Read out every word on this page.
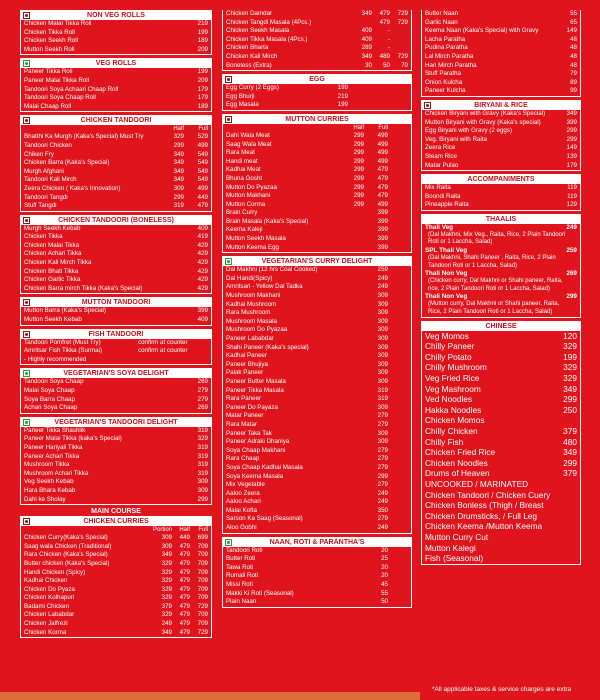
NON VEG ROLLS
Chicken Malai Tikka Roll	219
Chicken Tikka Roll	199
Chicken Seekh Roll	189
Mutton Seekh Roll	209
VEG ROLLS
Paneer Tikka Roll	199
Paneer Malai Tikka Roll	209
Tandoori Soya Achaari Chaap Roll	179
Tandoori Soya Chaap Roll	179
Malai Chaap Roll	189
CHICKEN TANDOORI
Half	Full
Bhatthi Ka Murgh (Kaka's Special) Must Try	329	529
Tandoori Chicken	299	499
Chiken Fry	349	549
Chicken Barra (Kaka's Special)	349	549
Murgh Afghani	349	549
Tandoori Kali Mirch	349	549
Zeera Chicken ( Kaka's Innovation)	309	499
Tandoori Tangdi	299	449
Stuff Tangdi	319	479
CHICKEN TANDOORI (BONELESS)
Murgh Seekh Kebab	409
Chicken Tikka	419
Chicken Malai Tikka	429
Chicken Achari Tikka	429
Chicken Kali Mirch Tikka	429
Chicken Bhati Tikka	429
Chicken Garlic Tikka	429
Chicken Barra mirch Tikka (Kaka's Special)	429
MUTTON TANDOORI
Mutton Barra (Kaka's Special)	399
Mutton Seekh Kebab	409
FISH TANDOORI
Tandoori Pomfret (Must Try)	confirm at counter
Amritsar Fish Tikka (Surmai)	confirm at counter
- Highly recommended
VEGETARIAN'S SOYA DELIGHT
Tandoori Soya Chaap	269
Malai Soya Chaap	279
Soya Barra Chaap	279
Achari Soya Chaap	269
VEGETARIAN'S TANDOORI DELIGHT
Paneer Tikka Shashlik	319
Paneer Malai Tikka (kaka's Special)	329
Paneer Hariyali Tikka	319
Paneer Achari Tikka	319
Mushroom Tikka	319
Mushroom Achari Tikka	319
Veg Seekh Kebab	309
Hara Bhara Kebab	309
Dahi ke Sholay	299
MAIN COURSE
CHICKEN CURRIES
Portion	Half	Full
Chicken Curry(Kaka's Special)	309	449	699
Saag wala Chicken (Traditional)	309	479	709
Rara Chicken (Kaka's Special)	349	479	709
Butter chicken (Kaka's Special)	329	479	709
Handi Chicken (Spicy)	329	479	709
Kadhai Chicken	329	479	709
Chicken Do Pyaza	329	479	709
Chicken Kolhapuri	329	479	709
Badami Chicken	379	479	729
Chicken Lababdar	329	479	709
Chicken Jalfrezi	249	479	709
Chicken Korma	349	479	729
Chicken Damdar	349	479	729
Chicken Tangdi Masala (4Pcs.)	479	729
Chicken Seekh Masala	409	-
Chicken Tikka Masala (4Pcs.)	409	-
Chicken Bharta	289	-
Chicken Kali Mirch	349	489	729
Boneless (Extra)	30	50	70
EGG
Egg Curry (2 Eggs)	199
Egg Bhurji	219
Egg Masala	199
MUTTON CURRIES
Half	Full
Dahi Wala Meat	299	499
Saag Wala Meat	299	499
Rara Meat	299	499
Handi meat	299	499
Kadhai Meat	299	479
Bhuna Gosht	299	479
Mutton Do Pyazaa	299	479
Mutton Makhani	299	479
Mutton Corma	299	499
Brain Curry	399
Brain Masala (Kaka's Special)	399
Keema Kaleji	399
Mutton Seekh Masala	399
Mutton Keema Egg	399
VEGETARIAN'S CURRY DELIGHT
Dal Makhni (12 hrs Coal Cooked)	259
Dal Handi(Spicy)	249
Amritsari - Yellow Dal Tadka	249
Mushroom Makhani	309
Kadhai Mushroom	309
Rara Mushroom	309
Mushroom Masala	309
Mushroom Do Pyazaa	309
Paneer Lababdar	309
Shahi Paneer (Kaka's special)	309
Kadhai Paneer	309
Paneer Bhujiya	309
Palak Paneer	309
Paneer Butter Masala	309
Paneer Tikka Masala	319
Rara Paneer	319
Paneer Do Payaza	309
Matar Paneer	279
Rara Matar	279
Paneer Taka Tak	309
Paneer Adraki Dhaniya	309
Soya Chaap Makhani	279
Rara Chaap	279
Soya Chaap Kadhai Masala	279
Soya Keema Masala	299
Mix Vegetable	279
Aaloo Zeera	249
Aaloo Achari	249
Malai Kofta	350
Sarson Ka Saag (Seasonal)	279
Aloo Gobhi	249
NAAN, ROTI & PARANTHA'S
Tandoori Roti	20
Butter Roti	25
Tawa Roti	20
Rumali Roti	20
Missi Roti	45
Makki Ki Roti (Seasonal)	55
Plain Naan	50
Butter Naan	55
Garlic Naan	65
Keema Naan (Kaka's Special) with Gravy	149
Lacha Paratha	48
Pudina Paratha	48
Lal Mirch Paratha	48
Hari Mirch Paratha	48
Stuff Paratha	79
Onion Kulcha	89
Paneer Kulcha	99
BIRYANI & RICE
Chicken Biryani with Gravy (Kaka's Special)	349
Mutton Biryani with Gravy (Kaka's special)	399
Egg Biryani with Gravy (2 eggs)	299
Veg. Biryani with Raita	299
Zeera Rice	149
Steam Rice	139
Matar Pulao	179
ACCOMPANIMENTS
Mix Raita	119
Boondi Raita	119
Pineapple Raita	129
THAALIS
Thali Veg	249
(Dal Makhni, Mix Veg., Raita, Rice, 2 Plain Tandoori Roti or 1 Laccha, Salad)
SPL Thali Veg	259
(Dal Makhni, Shahi Paneer , Raita, Rice, 2 Plain Tandoori Roti or 1 Laccha, Salad)
Thali Non Veg	269
(Chicken curry, Dal Makhni or Shahi paneer, Raita, rice, 2 Plain Tandoori Roti or 1 Laccha, Salad)
Thali Non Veg	299
(Mutton curry, Dal Makhni or Shahi paneer, Raita, Rice, 2 Plain Tandoori Roti or 1 Laccha, Salad)
CHINESE
Veg Momos	120
Chilly Paneer	329
Chilly Potato	199
Chilly Mushroom	329
Veg Fried Rice	329
Veg Mashroom	349
Ved Noodles	299
Hakka Noodles	250
Chicken Momos
Chilly Chicken	379
Chilly Fish	480
Chicken Fried Rice	349
Chicken Noodles	299
Drums of Heaven	379
UNCOOKED / MARINATED
Chicken Tandoori / Chicken Cuery
Chicken Bonless (Thigh / Breast
Chicken Drumsticks, / Full Leg
Chicken Keema /Mutton Keema
Mutton Curry Cut
Mutton Kalegi
Fish (Seasonal)
*All applicable taxes & service charges are extra
